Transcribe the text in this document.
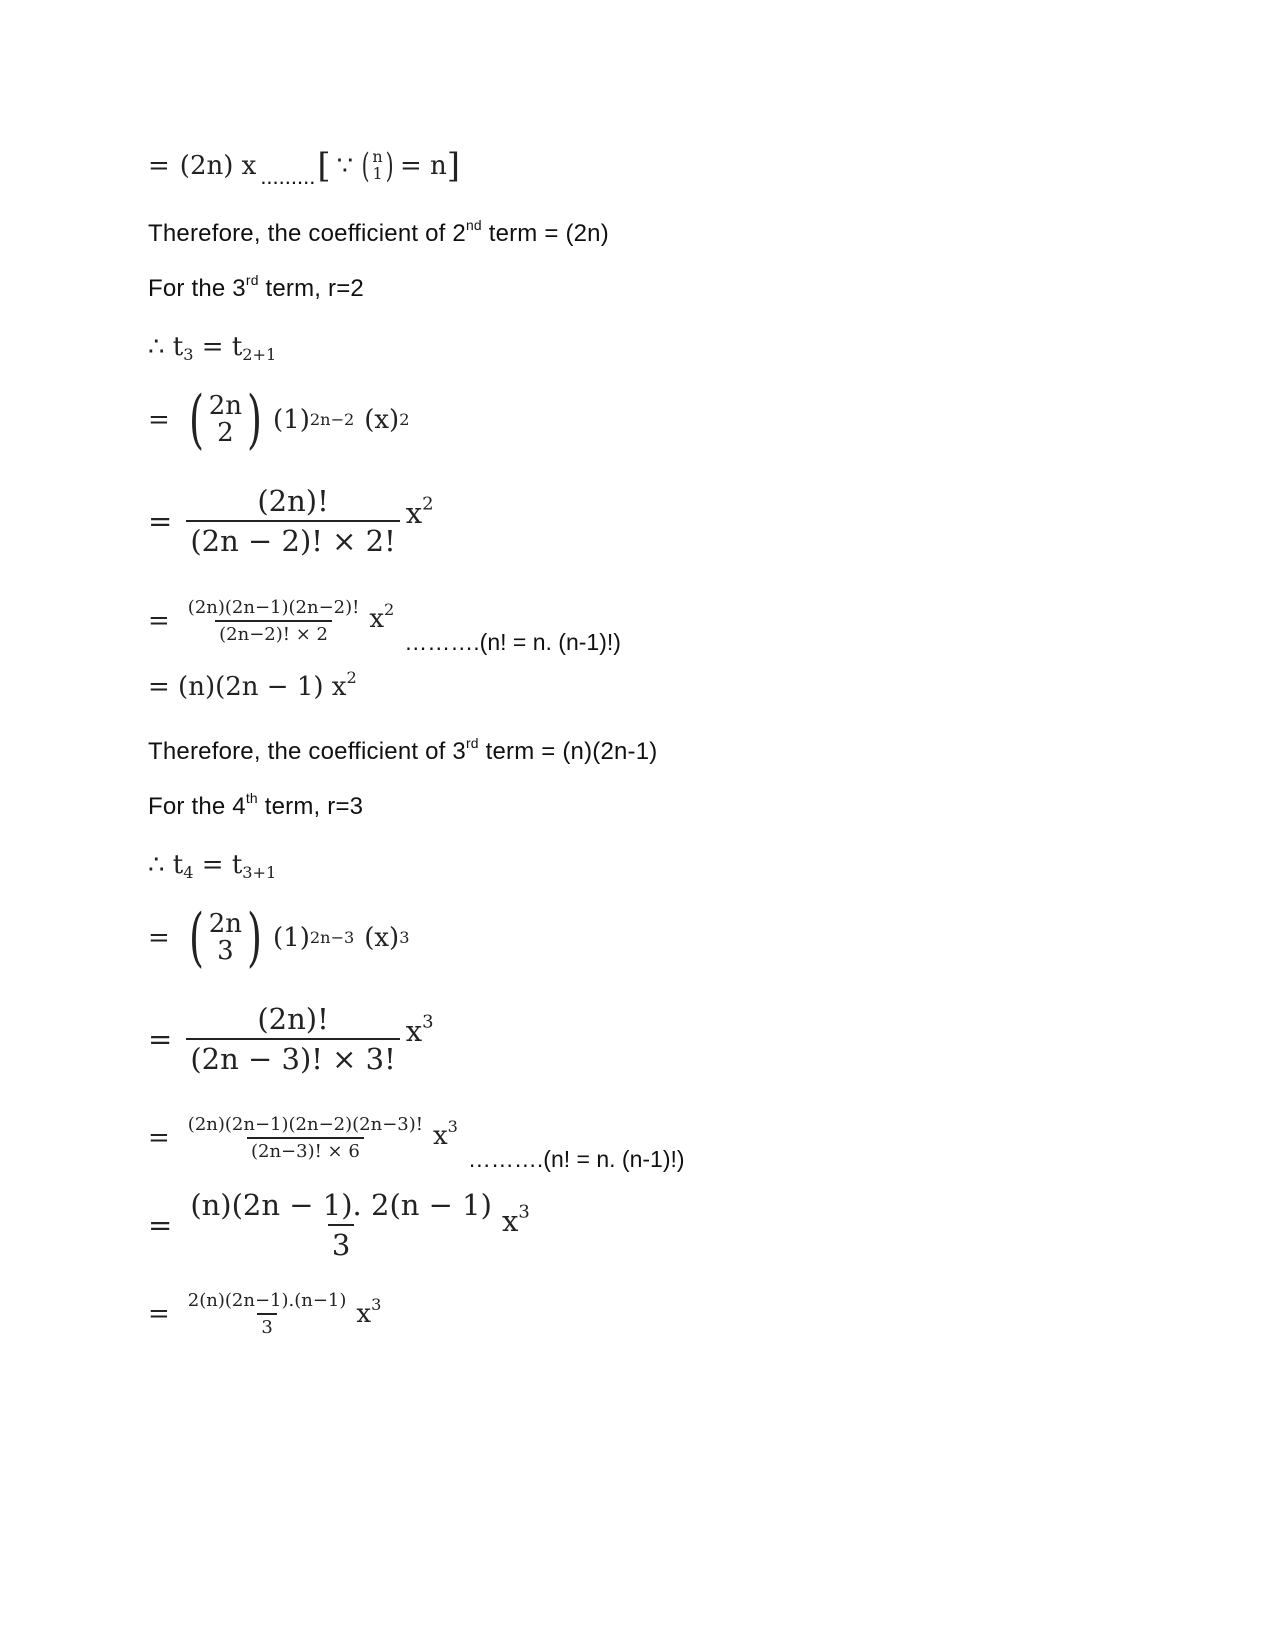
= (2n) x ......... [ ∵ ( n
1 ) = n ]
Therefore, the coefficient of 2nd term = (2n)
For the 3rd term, r=2
∴ $t_3 = t_{2+1}$
= ( 2n
2 ) (1) 2n−2 (x) 2
= $\frac{(2n)!}{(2n - 2)! \times 2!} x^2$
= $\frac{(2n)(2n-1)(2n-2)!}{(2n-2)! \times 2} x^2$
……….(n! = n. (n-1)!)
= (n)(2n − 1) $x^2$
Therefore, the coefficient of 3rd term = (n)(2n-1)
For the 4th term, r=3
∴ $t_4 = t_{3+1}$
= ( 2n
3 ) (1) 2n−3 (x) 3
= $\frac{(2n)!}{(2n - 3)! \times 3!} x^3$
= $\frac{(2n)(2n-1)(2n-2)(2n-3)!}{(2n-3)! \times 6} x^3$
……….(n! = n. (n-1)!)
= $\frac{(n)(2n - 1). 2(n - 1)}{3} x^3$
= $\frac{2(n)(2n-1).(n-1)}{3} x^3$
